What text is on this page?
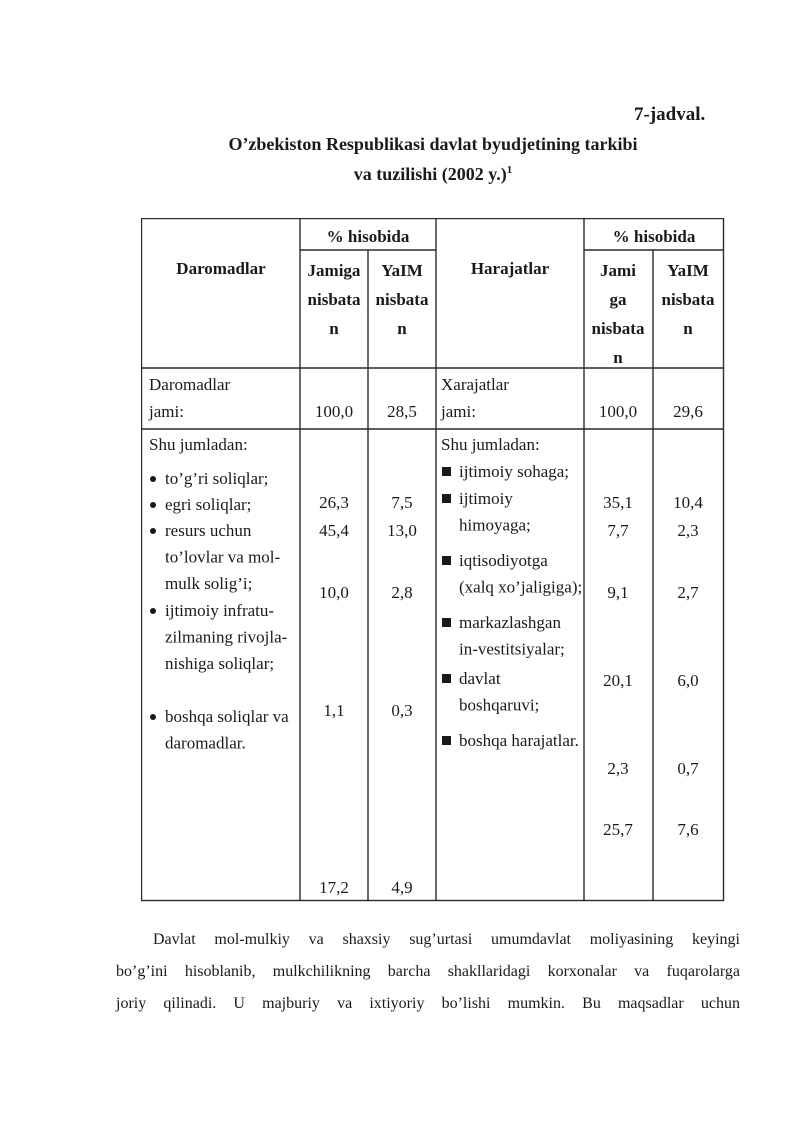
7-jadval.
O’zbekiston Respublikasi davlat byudjetining tarkibi
va tuzilishi (2002 y.)$^1$
Daromadlar
% hisobida
Jamiga
nisbata
n
YaIM
nisbata
n
Harajatlar
% hisobida
Jami
ga
nisbata
n
YaIM
nisbata
n
Daromadlar
jami:	100,0 28,5
Xarajatlar
jami:	100,0 29,6
Shu jumladan:
to’g’ri soliqlar;
egri soliqlar;
resurs uchun
to’lovlar va mol-
mulk solig’i;
ijtimoiy infratu-
zilmaning rivojla-
nishiga soliqlar;
boshqa soliqlar va
daromadlar.
26,3
45,4
10,0
1,1
17,2
7,5
13,0
2,8
0,3
4,9
Shu jumladan:
ijtimoiy sohaga;
ijtimoiy
himoyaga;
iqtisodiyotga
(xalq xo’jaligiga);
markazlashgan
in-vestitsiyalar;
davlat
boshqaruvi;
boshqa harajatlar.
35,1
7,7
9,1
20,1
2,3
25,7
10,4
2,3
2,7
6,0
0,7
7,6
Davlat mol-mulkiy va shaxsiy sug’urtasi umumdavlat moliyasining keyingi
bo’g’ini hisoblanib, mulkchilikning barcha shakllaridagi korxonalar va fuqarolarga
joriy qilinadi. U majburiy va ixtiyoriy bo’lishi mumkin. Bu maqsadlar uchun
